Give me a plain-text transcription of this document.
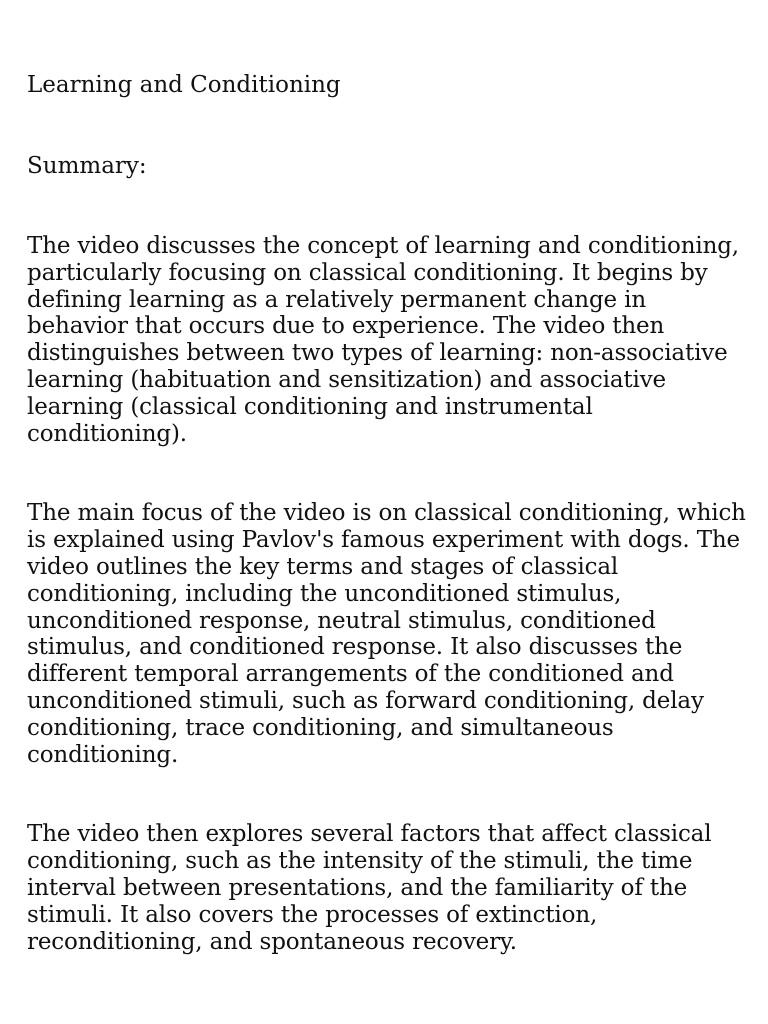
Learning and Conditioning

Summary:

The video discusses the concept of learning and conditioning, particularly focusing on classical conditioning. It begins by defining learning as a relatively permanent change in behavior that occurs due to experience. The video then distinguishes between two types of learning: non-associative learning (habituation and sensitization) and associative learning (classical conditioning and instrumental conditioning).

The main focus of the video is on classical conditioning, which is explained using Pavlov's famous experiment with dogs. The video outlines the key terms and stages of classical conditioning, including the unconditioned stimulus, unconditioned response, neutral stimulus, conditioned stimulus, and conditioned response. It also discusses the different temporal arrangements of the conditioned and unconditioned stimuli, such as forward conditioning, delay conditioning, trace conditioning, and simultaneous conditioning.

The video then explores several factors that affect classical conditioning, such as the intensity of the stimuli, the time interval between presentations, and the familiarity of the stimuli. It also covers the processes of extinction, reconditioning, and spontaneous recovery.
